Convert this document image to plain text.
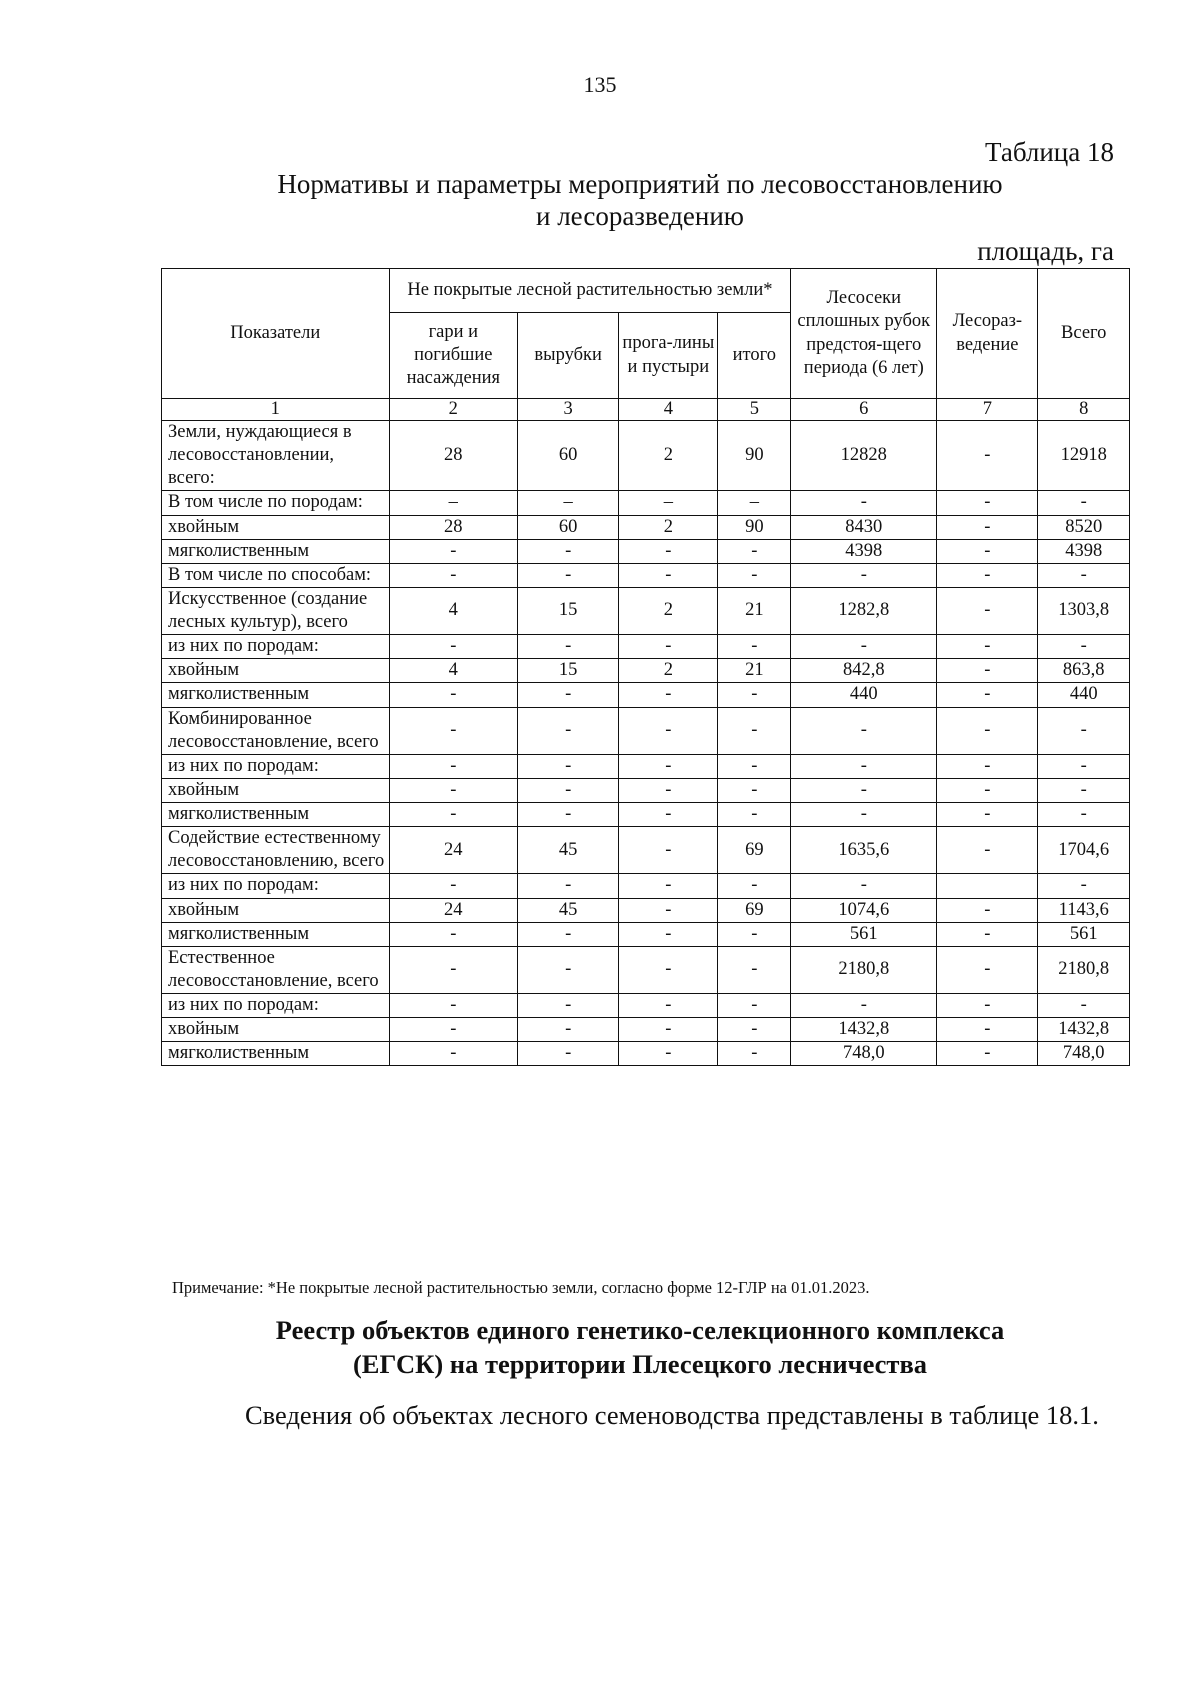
135
Таблица 18
Нормативы и параметры мероприятий по лесовосстановлению
и лесоразведению
площадь, га
Показатели	Не покрытые лесной растительностью земли*				Лесосеки сплошных рубок предстоя-щего периода (6 лет)	Лесораз-ведение	Всего
	гари и погибшие насаждения	вырубки	прога-лины и пустыри	итого			
1	2	3	4	5	6	7	8
Земли, нуждающиеся в лесовосстановлении, всего:	28	60	2	90	12828	-	12918
В том числе по породам:	–	–	–	–	-	-	-
хвойным	28	60	2	90	8430	-	8520
мягколиственным	-	-	-	-	4398	-	4398
В том числе по способам:	-	-	-	-	-	-	-
Искусственное (создание лесных культур), всего	4	15	2	21	1282,8	-	1303,8
из них по породам:	-	-	-	-	-	-	-
хвойным	4	15	2	21	842,8	-	863,8
мягколиственным	-	-	-	-	440	-	440
Комбинированное лесовосстановление, всего	-	-	-	-	-	-	-
из них по породам:	-	-	-	-	-	-	-
хвойным	-	-	-	-	-	-	-
мягколиственным	-	-	-	-	-	-	-
Содействие естественному лесовосстановлению, всего	24	45	-	69	1635,6	-	1704,6
из них по породам:	-	-	-	-	-		-
хвойным	24	45	-	69	1074,6	-	1143,6
мягколиственным	-	-	-	-	561	-	561
Естественное лесовосстановление, всего	-	-	-	-	2180,8	-	2180,8
из них по породам:	-	-	-	-	-	-	-
хвойным	-	-	-	-	1432,8	-	1432,8
мягколиственным	-	-	-	-	748,0	-	748,0
Примечание: *Не покрытые лесной растительностью земли, согласно форме 12-ГЛР на 01.01.2023.
Реестр объектов единого генетико-селекционного комплекса
(ЕГСК) на территории Плесецкого лесничества
Сведения об объектах лесного семеноводства представлены в таблице 18.1.
